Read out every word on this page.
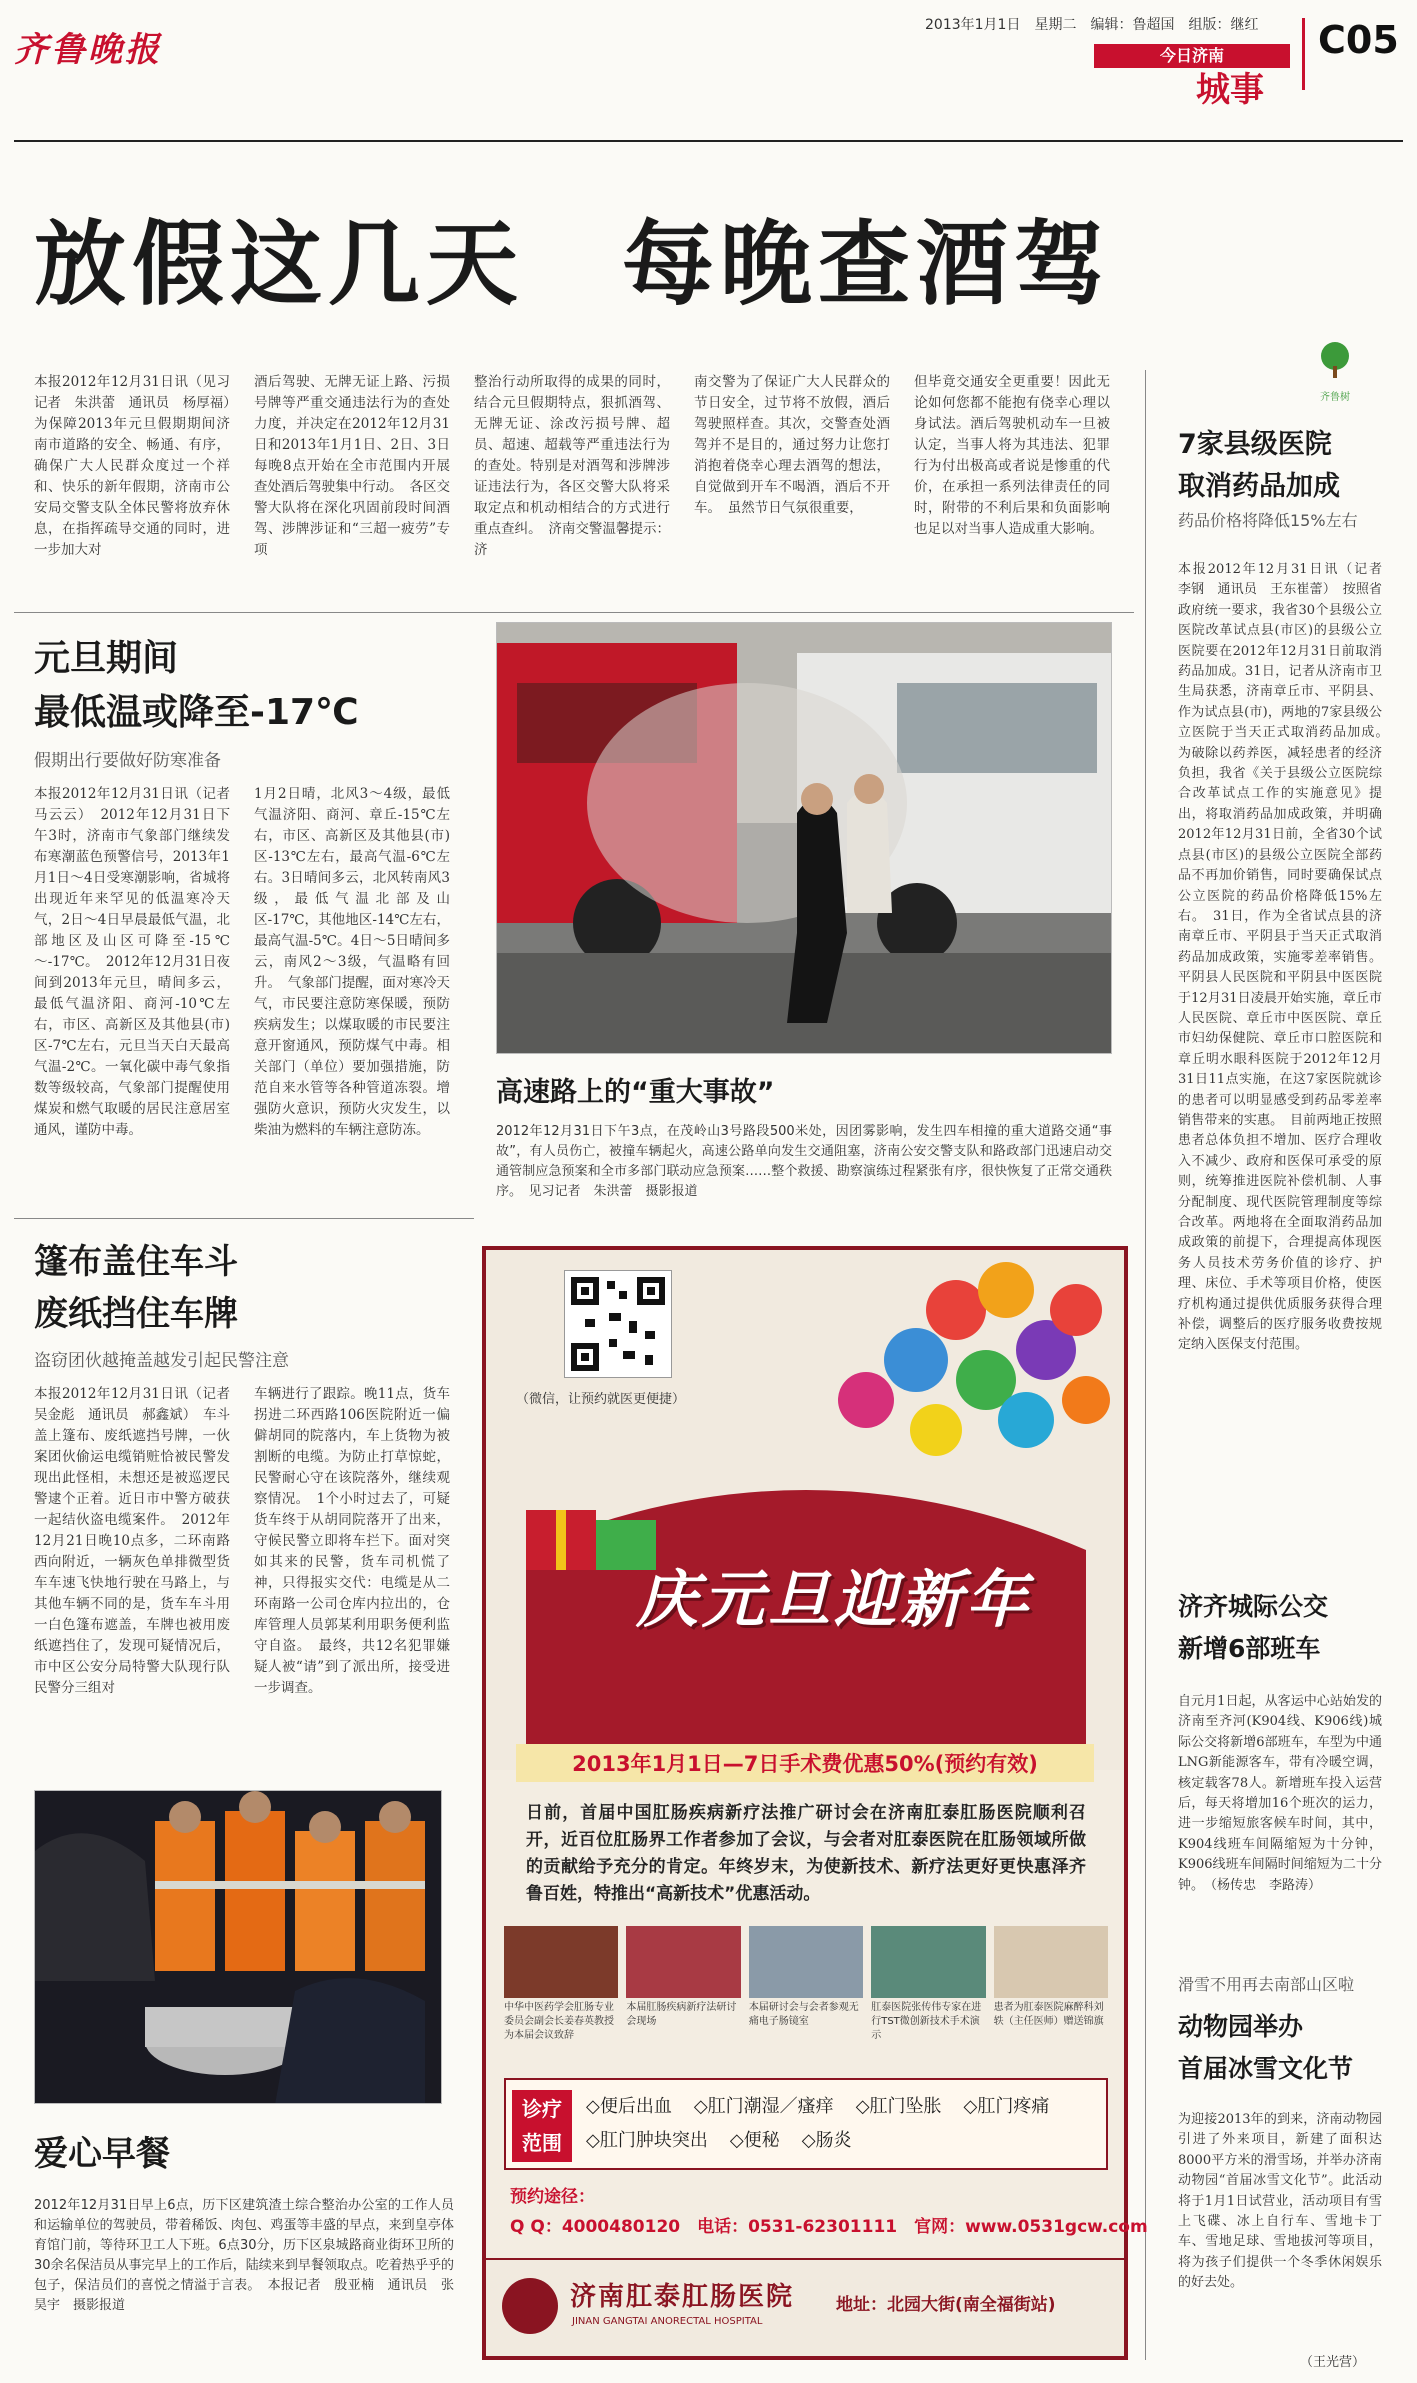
齐鲁晚报
2013年1月1日　星期二　编辑：鲁超国　组版：继红
今日济南
城事
C05
放假这几天　每晚查酒驾
本报2012年12月31日讯（见习记者　朱洪蕾　通讯员　杨厚福）　为保障2013年元旦假期期间济南市道路的安全、畅通、有序，确保广大人民群众度过一个祥和、快乐的新年假期，济南市公安局交警支队全体民警将放弃休息，在指挥疏导交通的同时，进一步加大对
酒后驾驶、无牌无证上路、污损号牌等严重交通违法行为的查处力度，并决定在2012年12月31日和2013年1月1日、2日、3日每晚8点开始在全市范围内开展查处酒后驾驶集中行动。　各区交警大队将在深化巩固前段时间酒驾、涉牌涉证和“三超一疲劳”专项
整治行动所取得的成果的同时，结合元旦假期特点，狠抓酒驾、无牌无证、涂改污损号牌、超员、超速、超载等严重违法行为的查处。特别是对酒驾和涉牌涉证违法行为，各区交警大队将采取定点和机动相结合的方式进行重点查纠。　济南交警温馨提示：济
南交警为了保证广大人民群众的节日安全，过节将不放假，酒后驾驶照样查。其次，交警查处酒驾并不是目的，通过努力让您打消抱着侥幸心理去酒驾的想法，自觉做到开车不喝酒，酒后不开车。　虽然节日气氛很重要，
但毕竟交通安全更重要！因此无论如何您都不能抱有侥幸心理以身试法。酒后驾驶机动车一旦被认定，当事人将为其违法、犯罪行为付出极高或者说是惨重的代价，在承担一系列法律责任的同时，附带的不利后果和负面影响也足以对当事人造成重大影响。
齐鲁树
7家县级医院
取消药品加成
药品价格将降低15%左右
本报2012年12月31日讯（记者　李钢　通讯员　王东崔蕾）　按照省政府统一要求，我省30个县级公立医院改革试点县(市区)的县级公立医院要在2012年12月31日前取消药品加成。31日，记者从济南市卫生局获悉，济南章丘市、平阴县、作为试点县(市)，两地的7家县级公立医院于当天正式取消药品加成。　为破除以药养医，减轻患者的经济负担，我省《关于县级公立医院综合改革试点工作的实施意见》提出，将取消药品加成政策，并明确2012年12月31日前，全省30个试点县(市区)的县级公立医院全部药品不再加价销售，同时要确保试点公立医院的药品价格降低15%左右。　31日，作为全省试点县的济南章丘市、平阴县于当天正式取消药品加成政策，实施零差率销售。平阴县人民医院和平阴县中医医院于12月31日凌晨开始实施，章丘市人民医院、章丘市中医医院、章丘市妇幼保健院、章丘市口腔医院和章丘明水眼科医院于2012年12月31日11点实施，在这7家医院就诊的患者可以明显感受到药品零差率销售带来的实惠。　目前两地正按照患者总体负担不增加、医疗合理收入不减少、政府和医保可承受的原则，统筹推进医院补偿机制、人事分配制度、现代医院管理制度等综合改革。两地将在全面取消药品加成政策的前提下，合理提高体现医务人员技术劳务价值的诊疗、护理、床位、手术等项目价格，使医疗机构通过提供优质服务获得合理补偿，调整后的医疗服务收费按规定纳入医保支付范围。
济齐城际公交
新增6部班车
自元月1日起，从客运中心站始发的济南至齐河(K904线、K906线)城际公交将新增6部班车，车型为中通LNG新能源客车，带有冷暖空调，核定载客78人。新增班车投入运营后，每天将增加16个班次的运力，进一步缩短旅客候车时间，其中，K904线班车间隔缩短为十分钟，K906线班车间隔时间缩短为二十分钟。　（杨传忠　李路涛）
滑雪不用再去南部山区啦
动物园举办
首届冰雪文化节
为迎接2013年的到来，济南动物园引进了外来项目，新建了面积达8000平方米的滑雪场，并举办济南动物园“首届冰雪文化节”。此活动将于1月1日试营业，活动项目有雪上飞碟、冰上自行车、雪地卡丁车、雪地足球、雪地拔河等项目，将为孩子们提供一个冬季休闲娱乐的好去处。
（王光营）
元旦期间
最低温或降至-17℃
假期出行要做好防寒准备
本报2012年12月31日讯（记者　马云云）　2012年12月31日下午3时，济南市气象部门继续发布寒潮蓝色预警信号，2013年1月1日～4日受寒潮影响，省城将出现近年来罕见的低温寒冷天气，2日～4日早晨最低气温，北部地区及山区可降至-15℃～-17℃。　2012年12月31日夜间到2013年元旦，晴间多云，最低气温济阳、商河-10℃左右，市区、高新区及其他县(市)区-7℃左右，元旦当天白天最高气温-2℃。一氧化碳中毒气象指数等级较高，气象部门提醒使用煤炭和燃气取暖的居民注意居室通风，谨防中毒。
1月2日晴，北风3～4级，最低气温济阳、商河、章丘-15℃左右，市区、高新区及其他县(市)区-13℃左右，最高气温-6℃左右。3日晴间多云，北风转南风3级，最低气温北部及山区-17℃，其他地区-14℃左右，最高气温-5℃。4日～5日晴间多云，南风2～3级，气温略有回升。　气象部门提醒，面对寒冷天气，市民要注意防寒保暖，预防疾病发生；以煤取暖的市民要注意开窗通风，预防煤气中毒。相关部门（单位）要加强措施，防范自来水管等各种管道冻裂。增强防火意识，预防火灾发生，以柴油为燃料的车辆注意防冻。
高速路上的“重大事故”
2012年12月31日下午3点，在茂岭山3号路段500米处，因团雾影响，发生四车相撞的重大道路交通“事故”，有人员伤亡，被撞车辆起火，高速公路单向发生交通阻塞，济南公安交警支队和路政部门迅速启动交通管制应急预案和全市多部门联动应急预案……整个救援、勘察演练过程紧张有序，很快恢复了正常交通秩序。　见习记者　朱洪蕾　摄影报道
篷布盖住车斗
废纸挡住车牌
盗窃团伙越掩盖越发引起民警注意
本报2012年12月31日讯（记者　吴金彪　通讯员　郝鑫斌）　车斗盖上篷布、废纸遮挡号牌，一伙案团伙偷运电缆销赃恰被民警发现出此怪相，未想还是被巡逻民警逮个正着。近日市中警方破获一起结伙盗电缆案件。　2012年12月21日晚10点多，二环南路西向附近，一辆灰色单排微型货车车速飞快地行驶在马路上，与其他车辆不同的是，货车车斗用一白色篷布遮盖，车牌也被用废纸遮挡住了，发现可疑情况后，市中区公安分局特警大队现行队民警分三组对
车辆进行了跟踪。晚11点，货车拐进二环西路106医院附近一偏僻胡同的院落内，车上货物为被割断的电缆。为防止打草惊蛇，民警耐心守在该院落外，继续观察情况。　1个小时过去了，可疑货车终于从胡同院落开了出来，守候民警立即将车拦下。面对突如其来的民警，货车司机慌了神，只得报实交代：电缆是从二环南路一公司仓库内拉出的，仓库管理人员郭某利用职务便利监守自盗。　最终，共12名犯罪嫌疑人被“请”到了派出所，接受进一步调查。
爱心早餐
2012年12月31日早上6点，历下区建筑渣土综合整治办公室的工作人员和运输单位的驾驶员，带着稀饭、肉包、鸡蛋等丰盛的早点，来到皇亭体育馆门前，等待环卫工人下班。6点30分，历下区泉城路商业街环卫所的30余名保洁员从事完早上的工作后，陆续来到早餐领取点。吃着热乎乎的包子，保洁员们的喜悦之情溢于言表。　本报记者　殷亚楠　通讯员　张昊宇　摄影报道
（微信，让预约就医更便捷）
庆元旦迎新年
2013年1月1日—7日手术费优惠50%(预约有效)
日前，首届中国肛肠疾病新疗法推广研讨会在济南肛泰肛肠医院顺利召开，近百位肛肠界工作者参加了会议，与会者对肛泰医院在肛肠领域所做的贡献给予充分的肯定。年终岁末，为使新技术、新疗法更好更快惠泽齐鲁百姓，特推出“高新技术”优惠活动。
中华中医药学会肛肠专业委员会副会长姜春英教授为本届会议致辞
本届肛肠疾病新疗法研讨会现场
本届研讨会与会者参观无痛电子肠镜室
肛泰医院张传伟专家在进行TST微创新技术手术演示
患者为肛泰医院麻醉科刘轶（主任医师）赠送锦旗
诊疗范围
◇便后出血 ◇肛门潮湿／瘙痒 ◇肛门坠胀 ◇肛门疼痛
◇肛门肿块突出 ◇便秘 ◇肠炎
预约途径：
Q Q：4000480120　电话：0531-62301111　官网：www.0531gcw.com
济南肛泰肛肠医院
JINAN GANGTAI ANORECTAL HOSPITAL
地址：北园大街(南全福街站)
